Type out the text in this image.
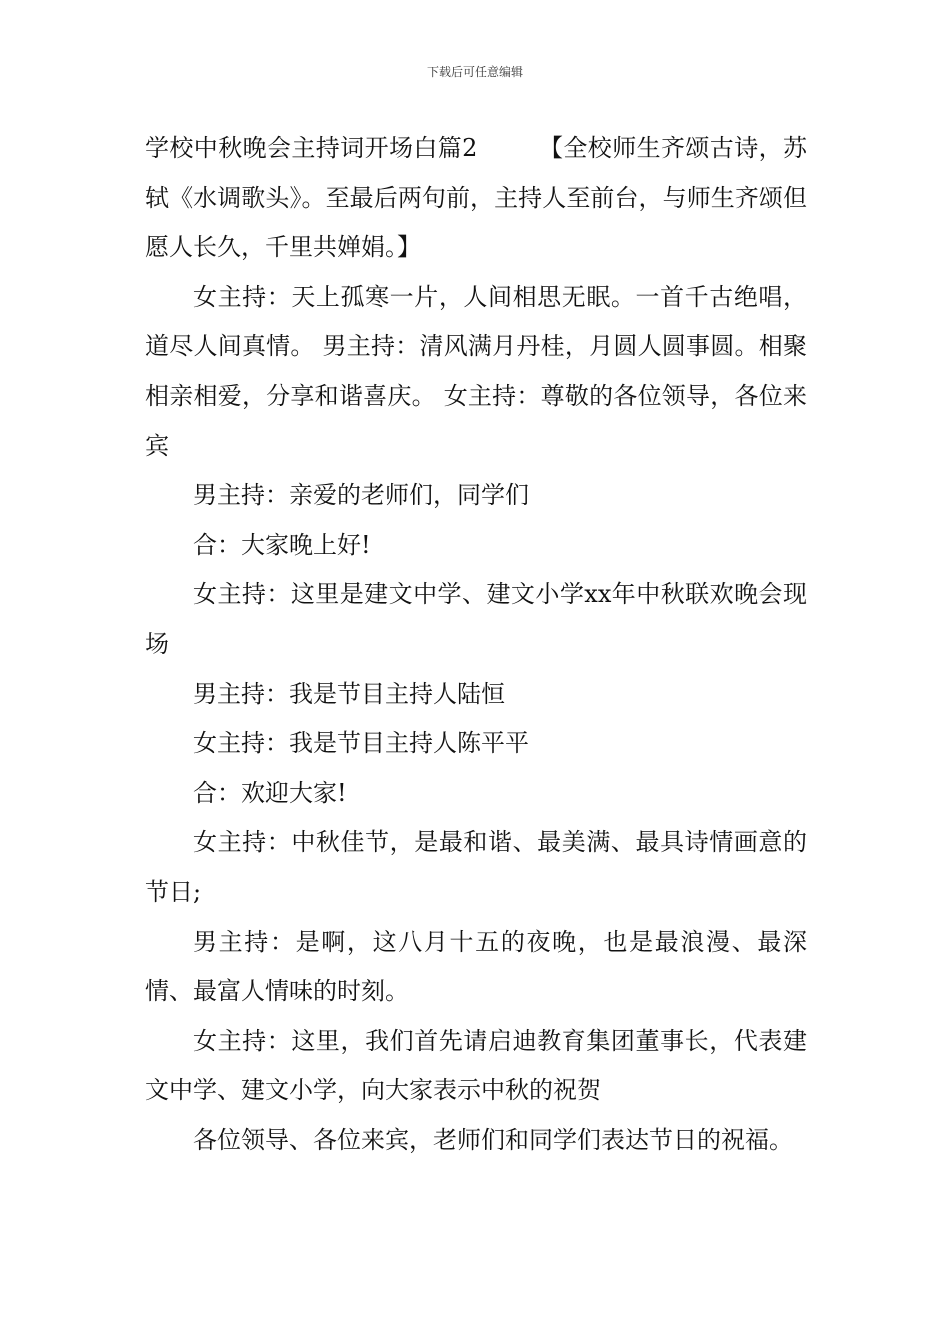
下载后可任意编辑

学校中秋晚会主持词开场白篇2　　　【全校师生齐颂古诗，苏轼《水调歌头》。至最后两句前，主持人至前台，与师生齐颂但愿人长久，千里共婵娟。】

女主持：天上孤寒一片，人间相思无眠。一首千古绝唱，道尽人间真情。 男主持：清风满月丹桂，月圆人圆事圆。相聚相亲相爱，分享和谐喜庆。 女主持：尊敬的各位领导，各位来宾

男主持：亲爱的老师们，同学们

合：大家晚上好!

女主持：这里是建文中学、建文小学xx年中秋联欢晚会现场

男主持：我是节目主持人陆恒

女主持：我是节目主持人陈平平

合：欢迎大家!

女主持：中秋佳节，是最和谐、最美满、最具诗情画意的节日;

男主持：是啊，这八月十五的夜晚，也是最浪漫、最深情、最富人情味的时刻。

女主持：这里，我们首先请启迪教育集团董事长，代表建文中学、建文小学，向大家表示中秋的祝贺

各位领导、各位来宾，老师们和同学们表达节日的祝福。
